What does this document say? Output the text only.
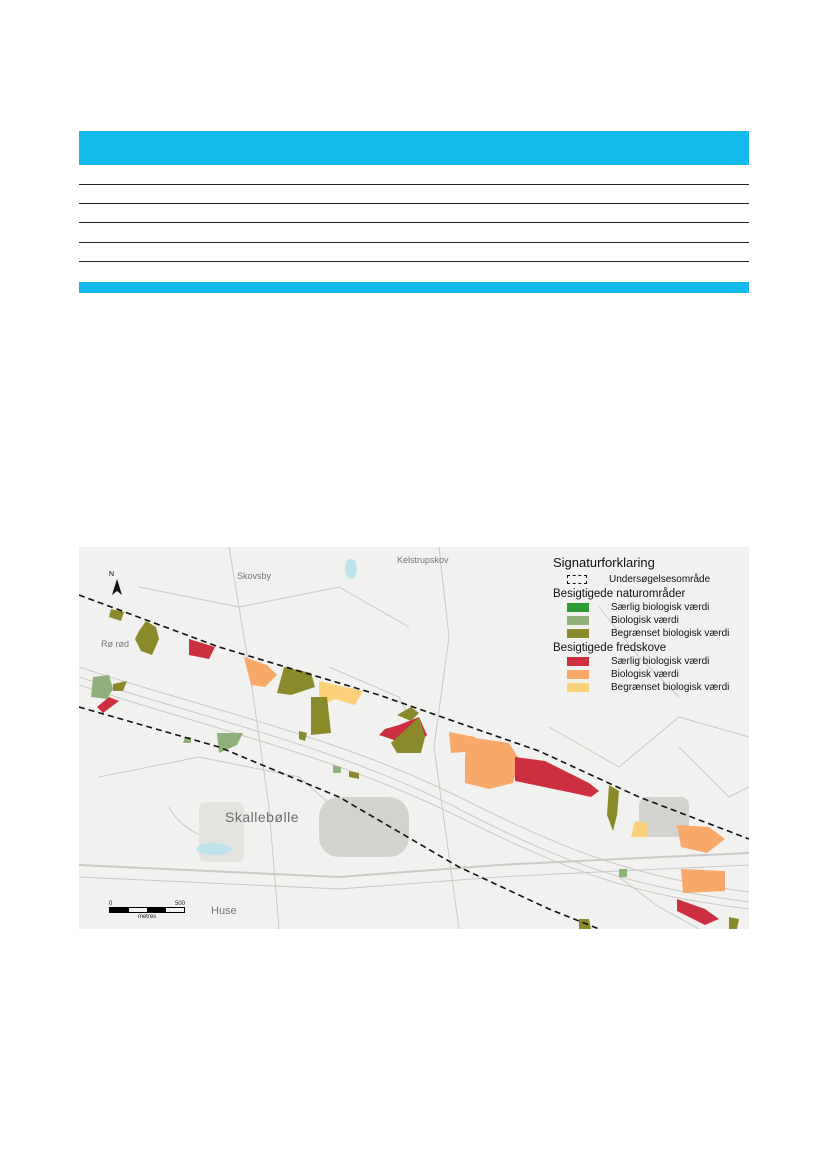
Skallebølle
Kelstrupskov
Skovsby
Huse
Rø rød
N
0	500
metres
Signaturforklaring
Undersøgelsesområde
Besigtigede naturområder
Særlig biologisk værdi
Biologisk værdi
Begrænset biologisk værdi
Besigtigede fredskove
Særlig biologisk værdi
Biologisk værdi
Begrænset biologisk værdi
